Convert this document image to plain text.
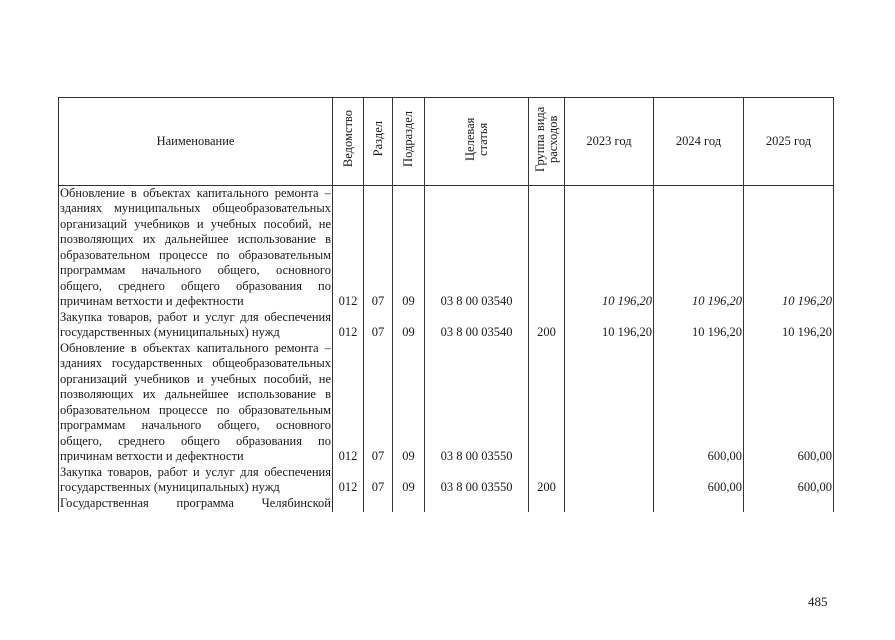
Наименование	Ведомство	Раздел	Подраздел	Целевая статья	Группа вида расходов	2023 год	2024 год	2025 год
Обновление в объектах капитального ремонта – зданиях муниципальных общеобразовательных организаций учебников и учебных пособий, не позволяющих их дальнейшее использование в образовательном процессе по образовательным программам начального общего, основного общего, среднего общего образования по причинам ветхости и дефектности	012	07	09	03 8 00 03540		10 196,20	10 196,20	10 196,20
Закупка товаров, работ и услуг для обеспечения государственных (муниципальных) нужд	012	07	09	03 8 00 03540	200	10 196,20	10 196,20	10 196,20
Обновление в объектах капитального ремонта – зданиях государственных общеобразовательных организаций учебников и учебных пособий, не позволяющих их дальнейшее использование в образовательном процессе по образовательным программам начального общего, основного общего, среднего общего образования по причинам ветхости и дефектности	012	07	09	03 8 00 03550			600,00	600,00
Закупка товаров, работ и услуг для обеспечения государственных (муниципальных) нужд	012	07	09	03 8 00 03550	200		600,00	600,00
Государственная программа Челябинской								
485
